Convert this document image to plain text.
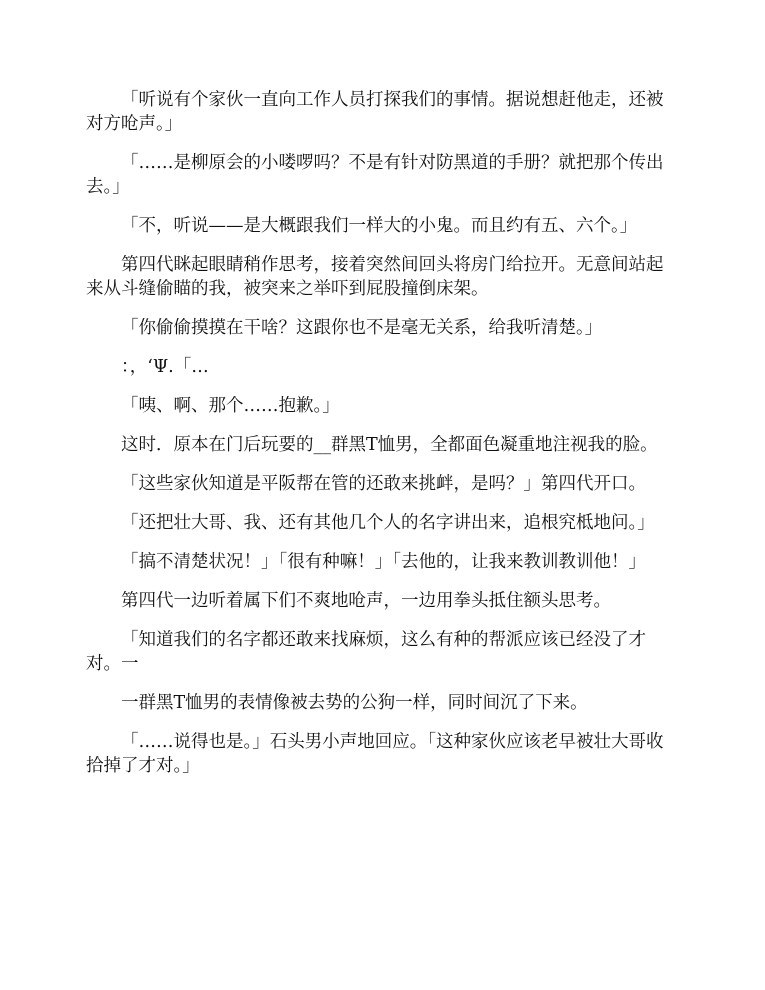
「听说有个家伙一直向工作人员打探我们的事情。据说想赶他走，还被对方呛声。」

「……是柳原会的小喽啰吗？不是有针对防黑道的手册？就把那个传出去。」

「不，听说——是大概跟我们一样大的小鬼。而且约有五、六个。」

第四代眯起眼睛稍作思考，接着突然间回头将房门给拉开。无意间站起来从斗缝偷瞄的我，被突来之举吓到屁股撞倒床架。

「你偷偷摸摸在干啥？这跟你也不是毫无关系，给我听清楚。」

：，‘Ψ.「…

「咦、啊、那个……抱歉。」

这时．原本在门后玩要的__群黑T恤男，全都面色凝重地注视我的脸。

「这些家伙知道是平阪帮在管的还敢来挑衅，是吗？」第四代开口。

「还把壮大哥、我、还有其他几个人的名字讲出来，追根究柢地问。」

「搞不清楚状况！」「很有种嘛！」「去他的，让我来教训教训他！」

第四代一边听着属下们不爽地呛声，一边用拳头抵住额头思考。

「知道我们的名字都还敢来找麻烦，这么有种的帮派应该已经没了才对。一

一群黑T恤男的表情像被去势的公狗一样，同时间沉了下来。

「……说得也是。」石头男小声地回应。「这种家伙应该老早被壮大哥收拾掉了才对。」
